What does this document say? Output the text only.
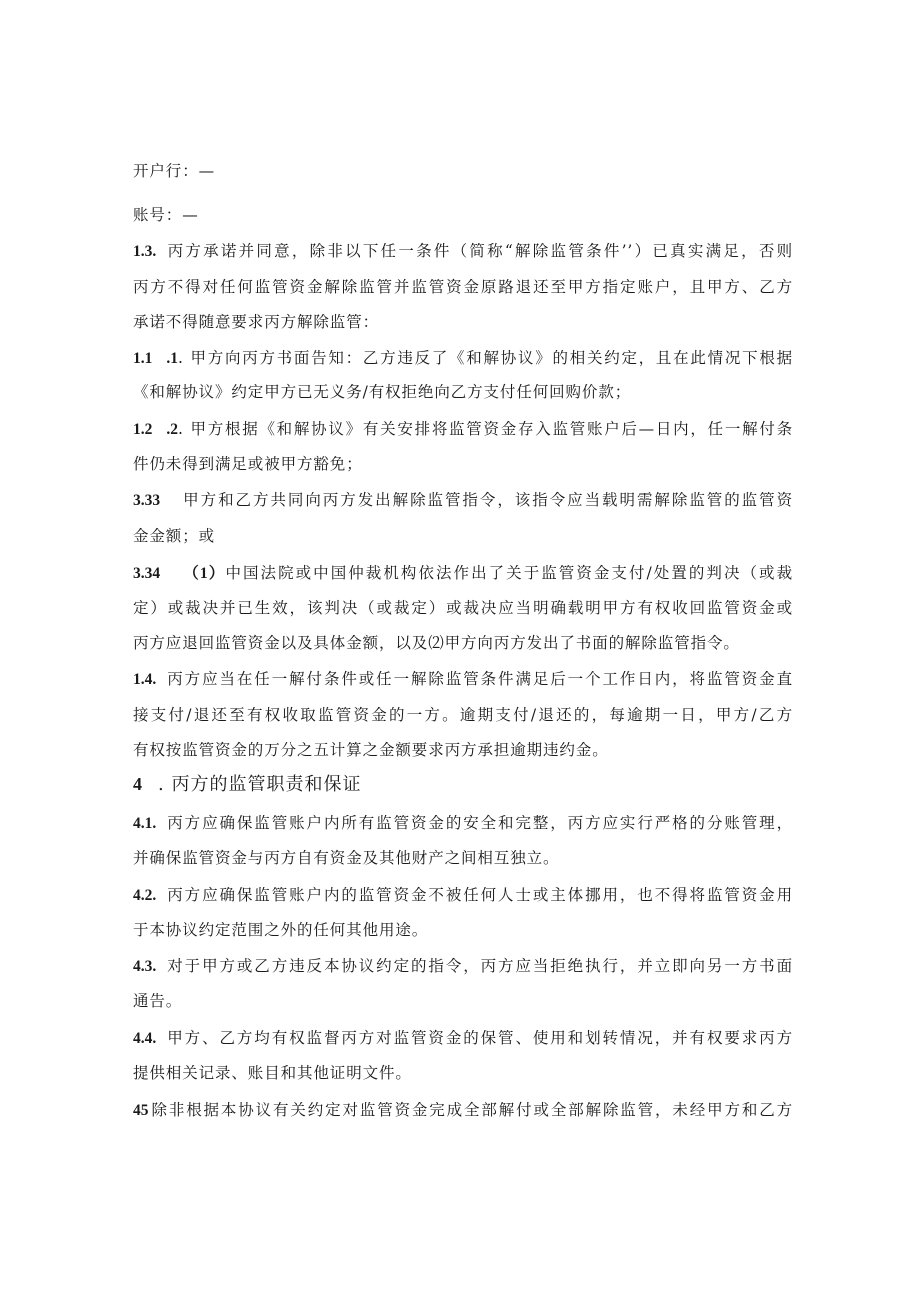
开户行：—
账号：—
1.3. 丙方承诺并同意，除非以下任一条件（简称“解除监管条件’’）已真实满足，否则
丙方不得对任何监管资金解除监管并监管资金原路退还至甲方指定账户，且甲方、乙方
承诺不得随意要求丙方解除监管：
1.1 .1. 甲方向丙方书面告知：乙方违反了《和解协议》的相关约定，且在此情况下根据
《和解协议》约定甲方已无义务/有权拒绝向乙方支付任何回购价款；
1.2 .2. 甲方根据《和解协议》有关安排将监管资金存入监管账户后—日内，任一解付条
件仍未得到满足或被甲方豁免；
3.33 甲方和乙方共同向丙方发出解除监管指令，该指令应当载明需解除监管的监管资
金金额；或
3.34 （1）中国法院或中国仲裁机构依法作出了关于监管资金支付/处置的判决（或裁
定）或裁决并已生效，该判决（或裁定）或裁决应当明确载明甲方有权收回监管资金或
丙方应退回监管资金以及具体金额，以及⑵甲方向丙方发出了书面的解除监管指令。
1.4. 丙方应当在任一解付条件或任一解除监管条件满足后一个工作日内，将监管资金直
接支付/退还至有权收取监管资金的一方。逾期支付/退还的，每逾期一日，甲方/乙方
有权按监管资金的万分之五计算之金额要求丙方承担逾期违约金。
4 . 丙方的监管职责和保证
4.1. 丙方应确保监管账户内所有监管资金的安全和完整，丙方应实行严格的分账管理，
并确保监管资金与丙方自有资金及其他财产之间相互独立。
4.2. 丙方应确保监管账户内的监管资金不被任何人士或主体挪用，也不得将监管资金用
于本协议约定范围之外的任何其他用途。
4.3. 对于甲方或乙方违反本协议约定的指令，丙方应当拒绝执行，并立即向另一方书面
通告。
4.4. 甲方、乙方均有权监督丙方对监管资金的保管、使用和划转情况，并有权要求丙方
提供相关记录、账目和其他证明文件。
45 除非根据本协议有关约定对监管资金完成全部解付或全部解除监管，未经甲方和乙方
